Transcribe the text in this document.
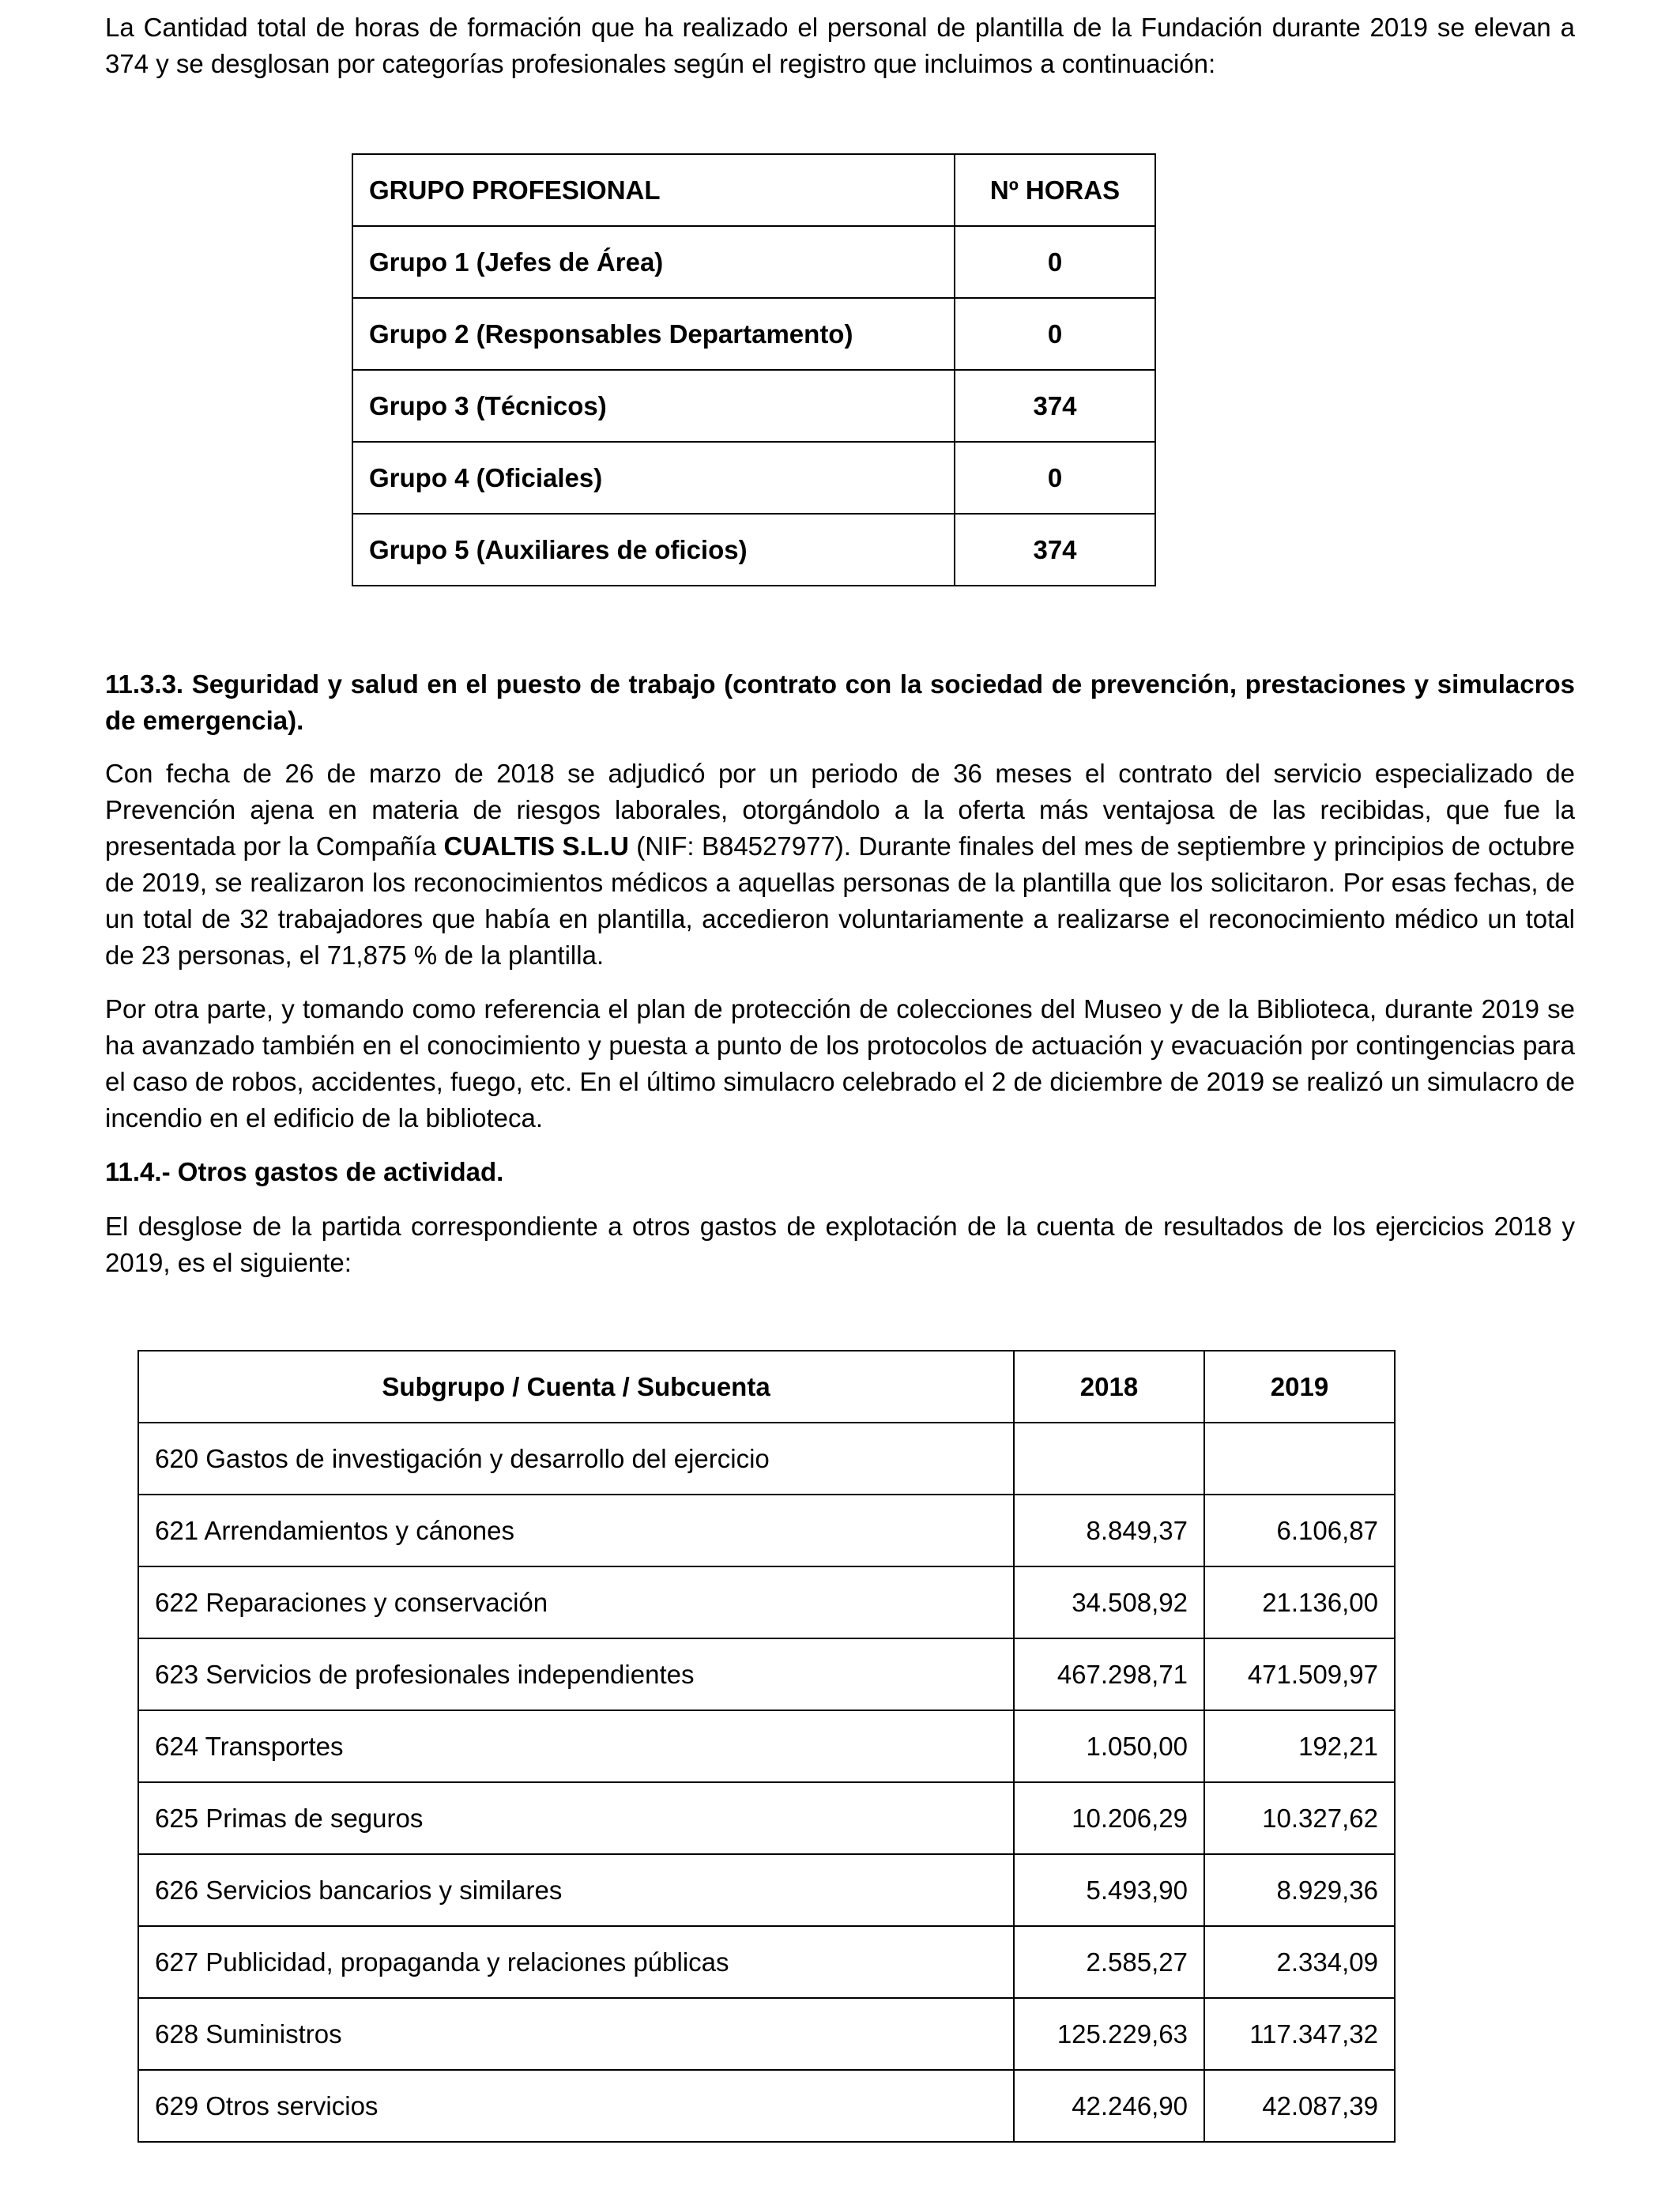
La Cantidad total de horas de formación que ha realizado el personal de plantilla de la Fundación durante 2019 se elevan a 374 y se desglosan por categorías profesionales según el registro que incluimos a continuación:

11.3.3. Seguridad y salud en el puesto de trabajo (contrato con la sociedad de prevención, prestaciones y simulacros de emergencia).

Con fecha de 26 de marzo de 2018 se adjudicó por un periodo de 36 meses el contrato del servicio especializado de Prevención ajena en materia de riesgos laborales, otorgándolo a la oferta más ventajosa de las recibidas, que fue la presentada por la Compañía CUALTIS S.L.U (NIF: B84527977). Durante finales del mes de septiembre y principios de octubre de 2019, se realizaron los reconocimientos médicos a aquellas personas de la plantilla que los solicitaron. Por esas fechas, de un total de 32 trabajadores que había en plantilla, accedieron voluntariamente a realizarse el reconocimiento médico un total de 23 personas, el 71,875 % de la plantilla.

Por otra parte, y tomando como referencia el plan de protección de colecciones del Museo y de la Biblioteca, durante 2019 se ha avanzado también en el conocimiento y puesta a punto de los protocolos de actuación y evacuación por contingencias para el caso de robos, accidentes, fuego, etc. En el último simulacro celebrado el 2 de diciembre de 2019 se realizó un simulacro de incendio en el edificio de la biblioteca.

11.4.- Otros gastos de actividad.

El desglose de la partida correspondiente a otros gastos de explotación de la cuenta de resultados de los ejercicios 2018 y 2019, es el siguiente:

GRUPO PROFESIONAL	Nº HORAS
Grupo 1 (Jefes de Área)	0
Grupo 2 (Responsables Departamento)	0
Grupo 3 (Técnicos)	374
Grupo 4 (Oficiales)	0
Grupo 5 (Auxiliares de oficios)	374
Subgrupo / Cuenta / Subcuenta	2018	2019
620 Gastos de investigación y desarrollo del ejercicio		
621 Arrendamientos y cánones	8.849,37	6.106,87
622 Reparaciones y conservación	34.508,92	21.136,00
623 Servicios de profesionales independientes	467.298,71	471.509,97
624 Transportes	1.050,00	192,21
625 Primas de seguros	10.206,29	10.327,62
626 Servicios bancarios y similares	5.493,90	8.929,36
627 Publicidad, propaganda y relaciones públicas	2.585,27	2.334,09
628 Suministros	125.229,63	117.347,32
629 Otros servicios	42.246,90	42.087,39
